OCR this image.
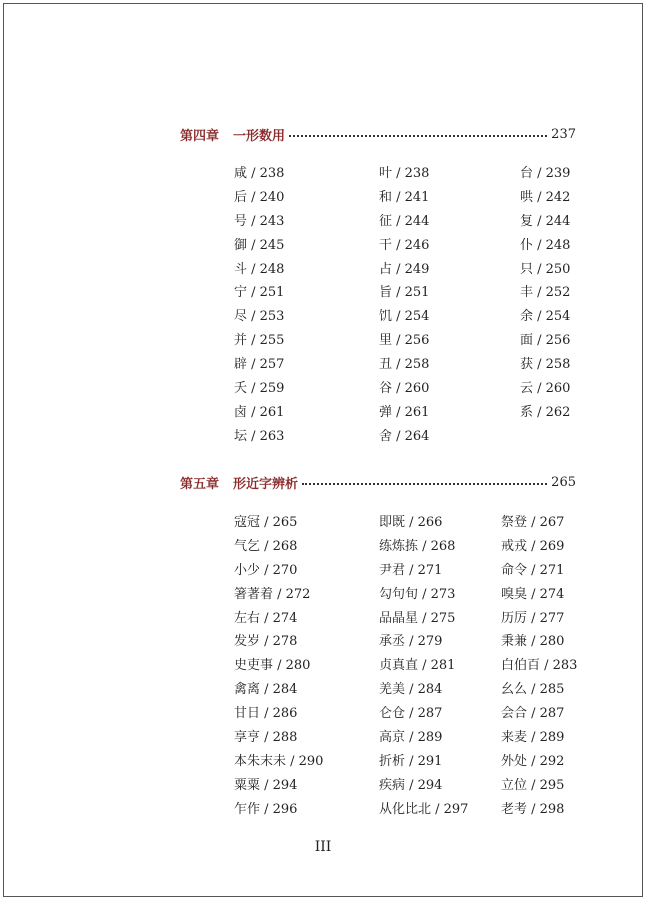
第四章 一形数用	237
咸 / 238	叶 / 238	台 / 239
后 / 240	和 / 241	哄 / 242
号 / 243	征 / 244	复 / 244
御 / 245	干 / 246	仆 / 248
斗 / 248	占 / 249	只 / 250
宁 / 251	旨 / 251	丰 / 252
尽 / 253	饥 / 254	余 / 254
并 / 255	里 / 256	面 / 256
辟 / 257	丑 / 258	获 / 258
夭 / 259	谷 / 260	云 / 260
卤 / 261	弹 / 261	系 / 262
坛 / 263	舍 / 264
第五章 形近字辨析	265
寇冠 / 265	即既 / 266	祭登 / 267
气乞 / 268	练炼拣 / 268	戒戎 / 269
小少 / 270	尹君 / 271	命令 / 271
箸著着 / 272	勾句旬 / 273	嗅臭 / 274
左右 / 274	品晶星 / 275	历厉 / 277
发岁 / 278	承丞 / 279	秉兼 / 280
史吏事 / 280	贞真直 / 281	白伯百 / 283
禽离 / 284	羌美 / 284	幺么 / 285
甘日 / 286	仑仓 / 287	会合 / 287
享亨 / 288	高京 / 289	来麦 / 289
本朱末未 / 290	折析 / 291	外处 / 292
粟粟 / 294	疾病 / 294	立位 / 295
乍作 / 296	从化比北 / 297	老考 / 298
III
